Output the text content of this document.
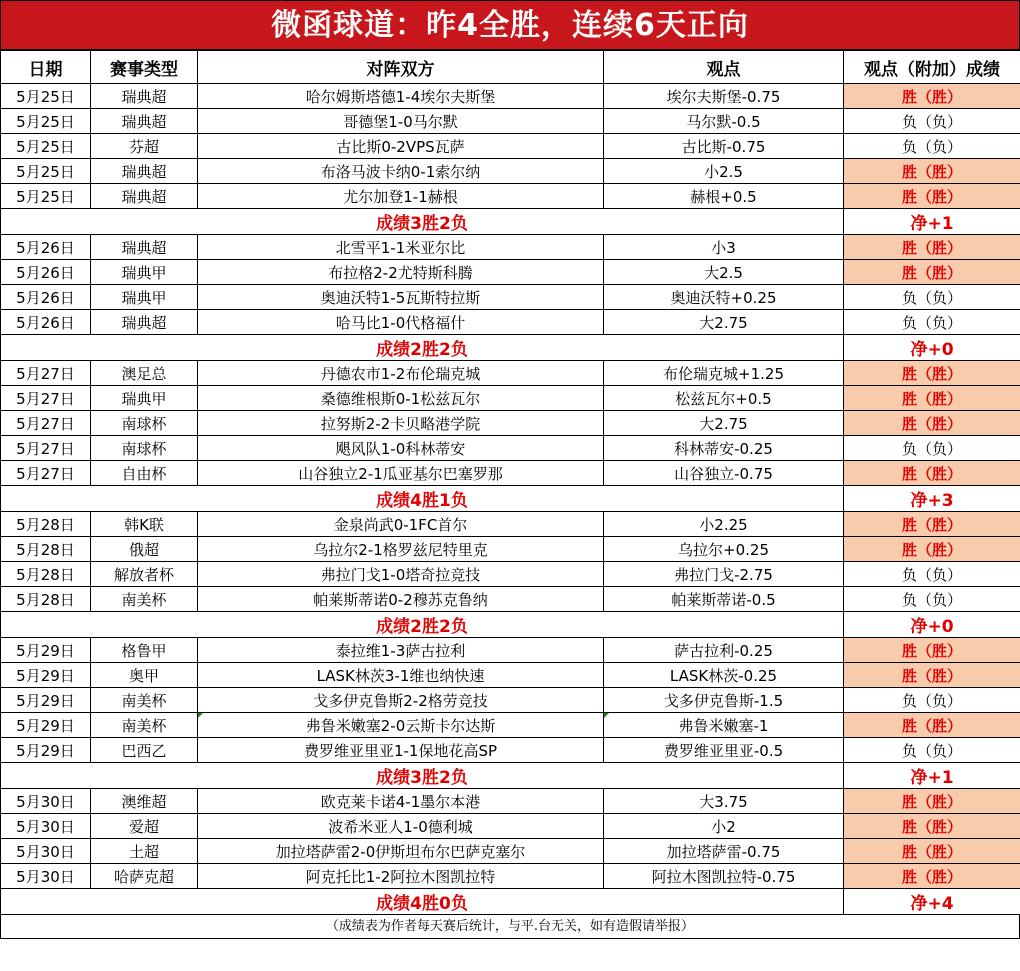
微函球道：昨4全胜，连续6天正向
日期	赛事类型	对阵双方	观点	观点（附加）成绩
5月25日	瑞典超	哈尔姆斯塔德1-4埃尔夫斯堡	埃尔夫斯堡-0.75	胜（胜）
5月25日	瑞典超	哥德堡1-0马尔默	马尔默-0.5	负（负）
5月25日	芬超	古比斯0-2VPS瓦萨	古比斯-0.75	负（负）
5月25日	瑞典超	布洛马波卡纳0-1索尔纳	小2.5	胜（胜）
5月25日	瑞典超	尤尔加登1-1赫根	赫根+0.5	胜（胜）
成绩3胜2负				净+1
5月26日	瑞典超	北雪平1-1米亚尔比	小3	胜（胜）
5月26日	瑞典甲	布拉格2-2尤特斯科腾	大2.5	胜（胜）
5月26日	瑞典甲	奥迪沃特1-5瓦斯特拉斯	奥迪沃特+0.25	负（负）
5月26日	瑞典超	哈马比1-0代格福什	大2.75	负（负）
成绩2胜2负				净+0
5月27日	澳足总	丹德农市1-2布伦瑞克城	布伦瑞克城+1.25	胜（胜）
5月27日	瑞典甲	桑德维根斯0-1松兹瓦尔	松兹瓦尔+0.5	胜（胜）
5月27日	南球杯	拉努斯2-2卡贝略港学院	大2.75	胜（胜）
5月27日	南球杯	飓风队1-0科林蒂安	科林蒂安-0.25	负（负）
5月27日	自由杯	山谷独立2-1瓜亚基尔巴塞罗那	山谷独立-0.75	胜（胜）
成绩4胜1负				净+3
5月28日	韩K联	金泉尚武0-1FC首尔	小2.25	胜（胜）
5月28日	俄超	乌拉尔2-1格罗兹尼特里克	乌拉尔+0.25	胜（胜）
5月28日	解放者杯	弗拉门戈1-0塔奇拉竞技	弗拉门戈-2.75	负（负）
5月28日	南美杯	帕莱斯蒂诺0-2穆苏克鲁纳	帕莱斯蒂诺-0.5	负（负）
成绩2胜2负				净+0
5月29日	格鲁甲	泰拉维1-3萨古拉利	萨古拉利-0.25	胜（胜）
5月29日	奥甲	LASK林茨3-1维也纳快速	LASK林茨-0.25	胜（胜）
5月29日	南美杯	戈多伊克鲁斯2-2格劳竞技	戈多伊克鲁斯-1.5	负（负）
5月29日	南美杯	弗鲁米嫩塞2-0云斯卡尔达斯	弗鲁米嫩塞-1	胜（胜）
5月29日	巴西乙	费罗维亚里亚1-1保地花高SP	费罗维亚里亚-0.5	负（负）
成绩3胜2负				净+1
5月30日	澳维超	欧克莱卡诺4-1墨尔本港	大3.75	胜（胜）
5月30日	爱超	波希米亚人1-0德利城	小2	胜（胜）
5月30日	土超	加拉塔萨雷2-0伊斯坦布尔巴萨克塞尔	加拉塔萨雷-0.75	胜（胜）
5月30日	哈萨克超	阿克托比1-2阿拉木图凯拉特	阿拉木图凯拉特-0.75	胜（胜）
成绩4胜0负				净+4
（成绩表为作者每天赛后统计，与平.台无关，如有造假请举报）
